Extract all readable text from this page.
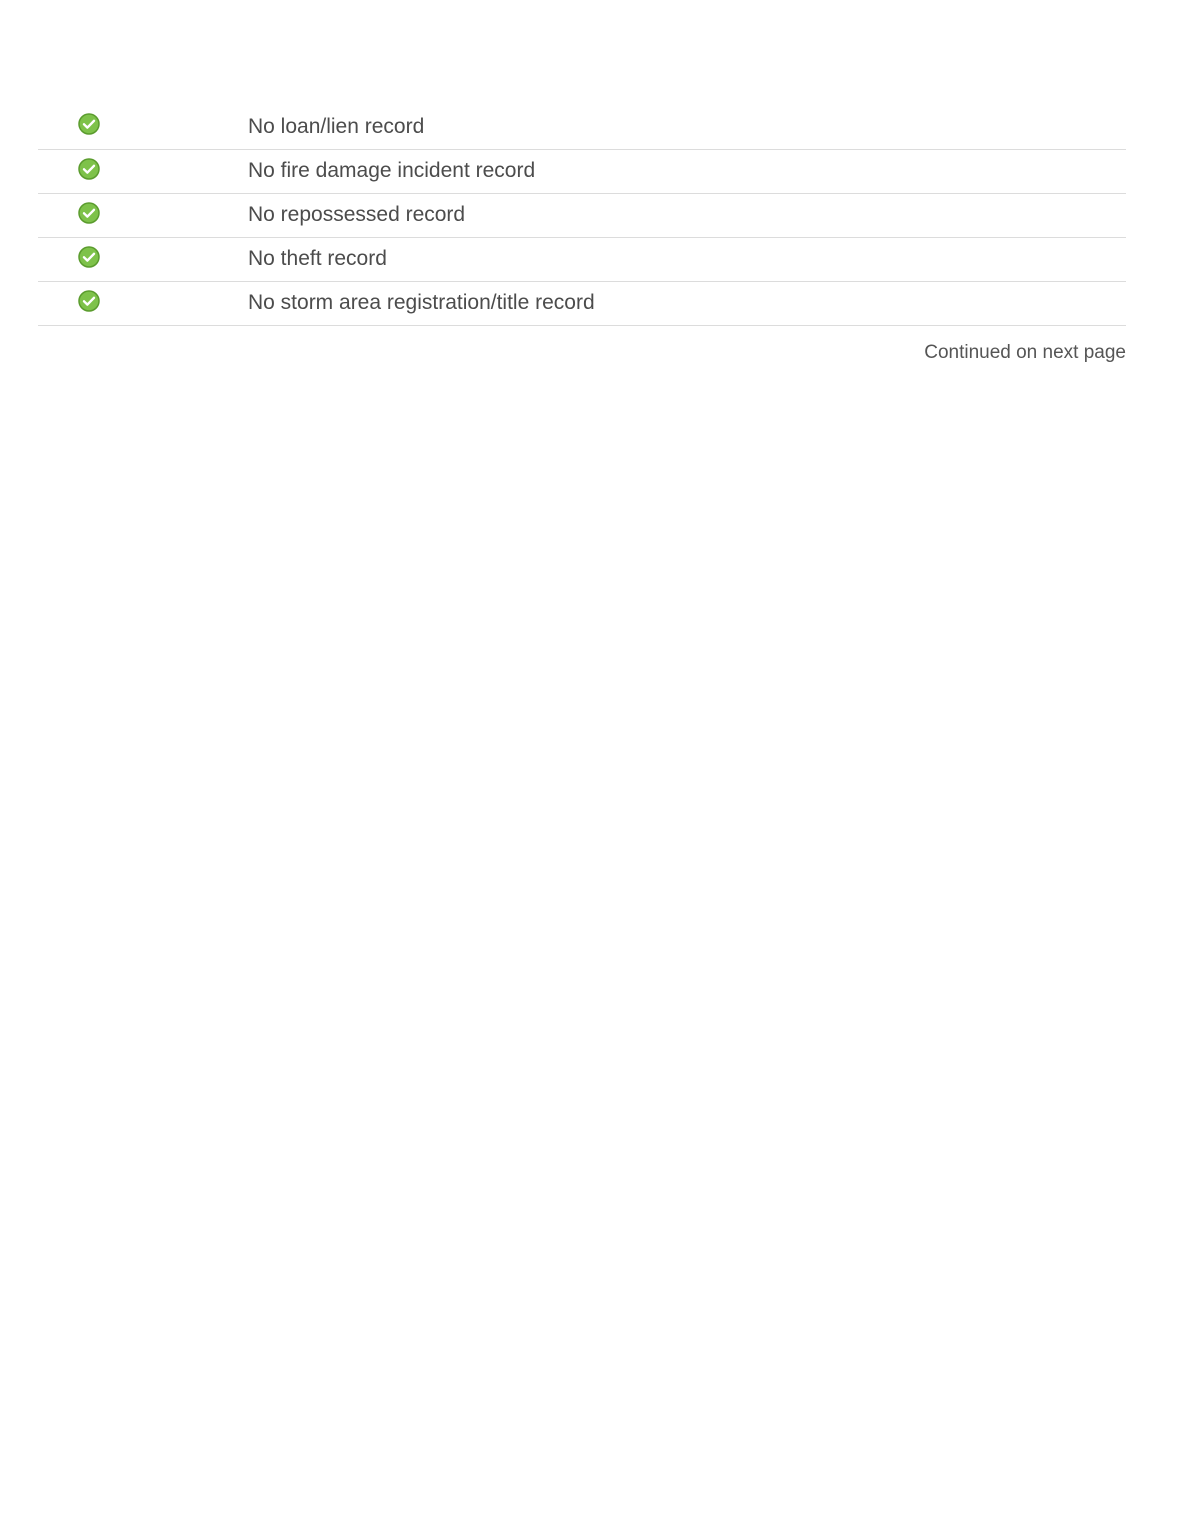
	No loan/lien record

	No fire damage incident record

	No repossessed record

	No theft record

	No storm area registration/title record
Continued on next page
